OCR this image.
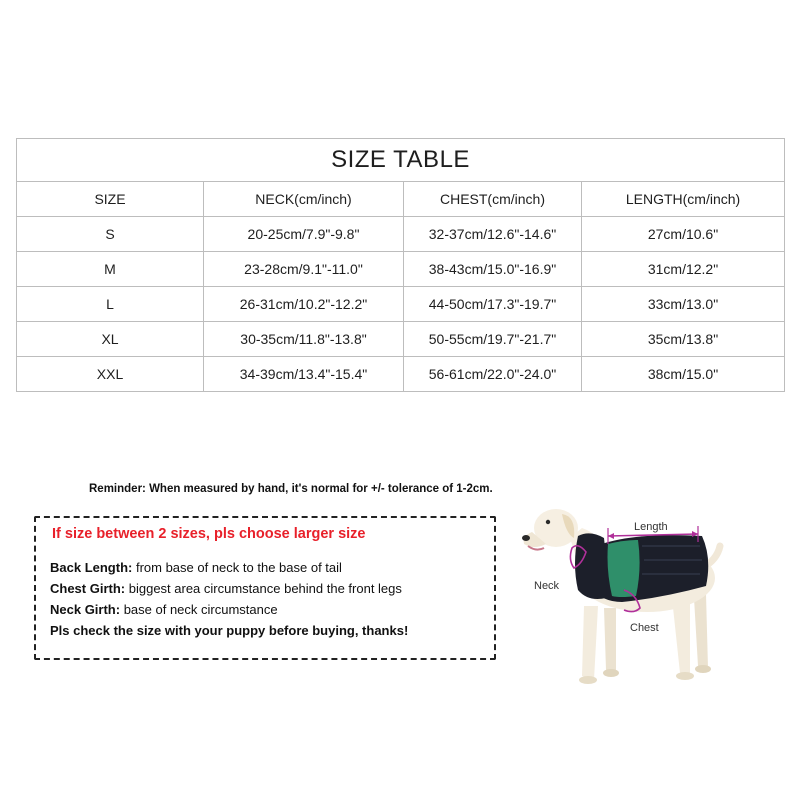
SIZE TABLE			
SIZE	NECK(cm/inch)	CHEST(cm/inch)	LENGTH(cm/inch)
S	20-25cm/7.9"-9.8"	32-37cm/12.6"-14.6"	27cm/10.6"
M	23-28cm/9.1"-11.0"	38-43cm/15.0"-16.9"	31cm/12.2"
L	26-31cm/10.2"-12.2"	44-50cm/17.3"-19.7"	33cm/13.0"
XL	30-35cm/11.8"-13.8"	50-55cm/19.7"-21.7"	35cm/13.8"
XXL	34-39cm/13.4"-15.4"	56-61cm/22.0"-24.0"	38cm/15.0"
Reminder: When measured by hand, it's normal for +/- tolerance of 1-2cm.
If size between 2 sizes, pls choose larger size
Back Length: from base of neck to the base of tail
Chest Girth: biggest area circumstance behind the front legs
Neck Girth: base of neck circumstance
Pls check the size with your puppy before buying, thanks!
Length
Neck
Chest
